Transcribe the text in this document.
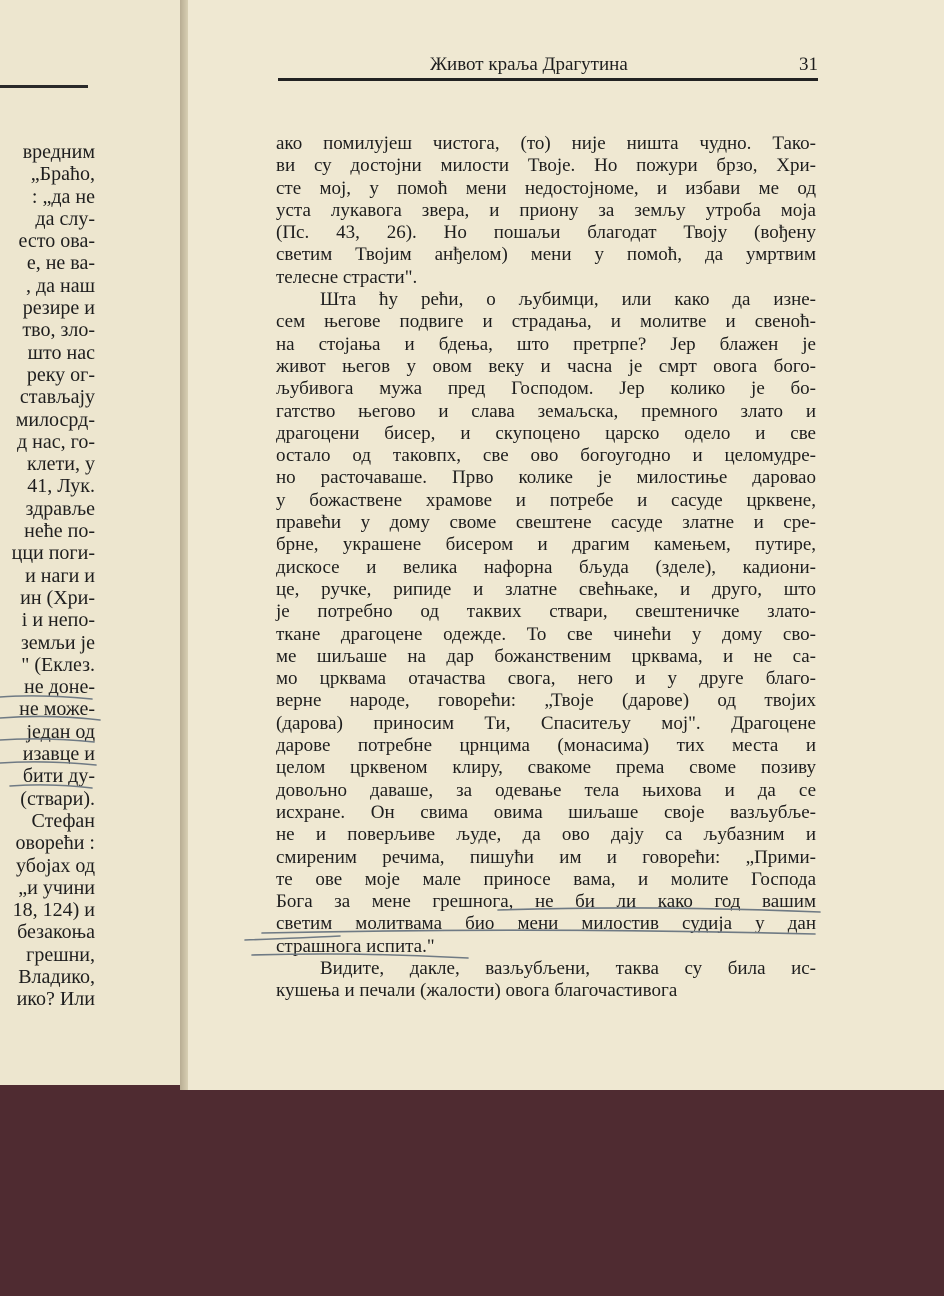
вредним
„Браћо,
: „да не
да слу-
есто ова-
е, не ва-
, да наш
резире и
тво, зло-
што нас
реку ог-
стављају
милосрд-
д нас, го-
клети, у
41, Лук.
здравље
неће по-
цци поги-
и наги и
ин (Хри-
і и непо-
земљи је
" (Еклез.
не доне-
не може-
један од
изавце и
бити ду-
(ствари).
Стефан
оворећи :
убојах од
„и учини
18, 124) и
безакоња
грешни,
Владико,
ико? Или
Живот краља Драгутина	31
ако помилујеш чистога, (то) није ништа чудно. Тако-
ви су достојни милости Твоје. Но пожури брзо, Хри-
сте мој, у помоћ мени недостојноме, и избави ме од
уста лукавога звера, и приону за земљу утроба моја
(Пс. 43, 26). Но пошаљи благодат Твоју (вођену
светим Твојим анђелом) мени у помоћ, да умртвим
телесне страсти".
Шта ћу рећи, о љубимци, или како да изне-
сем његове подвиге и страдања, и молитве и свеноћ-
на стојања и бдења, што претрпе? Јер блажен је
живот његов у овом веку и часна је смрт овога бого-
љубивога мужа пред Господом. Јер колико је бо-
гатство његово и слава земаљска, премного злато и
драгоцени бисер, и скупоцено царско одело и све
остало од таковпх, све ово богоугодно и целомудре-
но расточаваше. Прво колике је милостиње даровао
у божаствене храмове и потребе и сасуде црквене,
правећи у дому своме свештене сасуде златне и сре-
брне, украшене бисером и драгим камењем, путире,
дискосе и велика нафорна бљуда (зделе), кадиони-
це, ручке, рипиде и златне свећњаке, и друго, што
је потребно од таквих ствари, свештеничке злато-
ткане драгоцене одежде. То све чинећи у дому сво-
ме шиљаше на дар божанственим црквама, и не са-
мо црквама отачаства свога, него и у друге благо-
верне народе, говорећи: „Твоје (дарове) од твојих
(дарова) приносим Ти, Спаситељу мој". Драгоцене
дарове потребне црнцима (монасима) тих места и
целом црквеном клиру, свакоме према своме позиву
довољно даваше, за одевање тела њихова и да се
исхране. Он свима овима шиљаше своје вазљубље-
не и поверљиве људе, да ово дају са љубазним и
смиреним речима, пишући им и говорећи: „Прими-
те ове моје мале приносе вама, и молите Господа
Бога за мене грешнога, не би ли како год вашим
светим молитвама био мени милостив судија у дан
страшнога испита."
Видите, дакле, вазљубљени, таква су била ис-
кушења и печали (жалости) овога благочастивога
